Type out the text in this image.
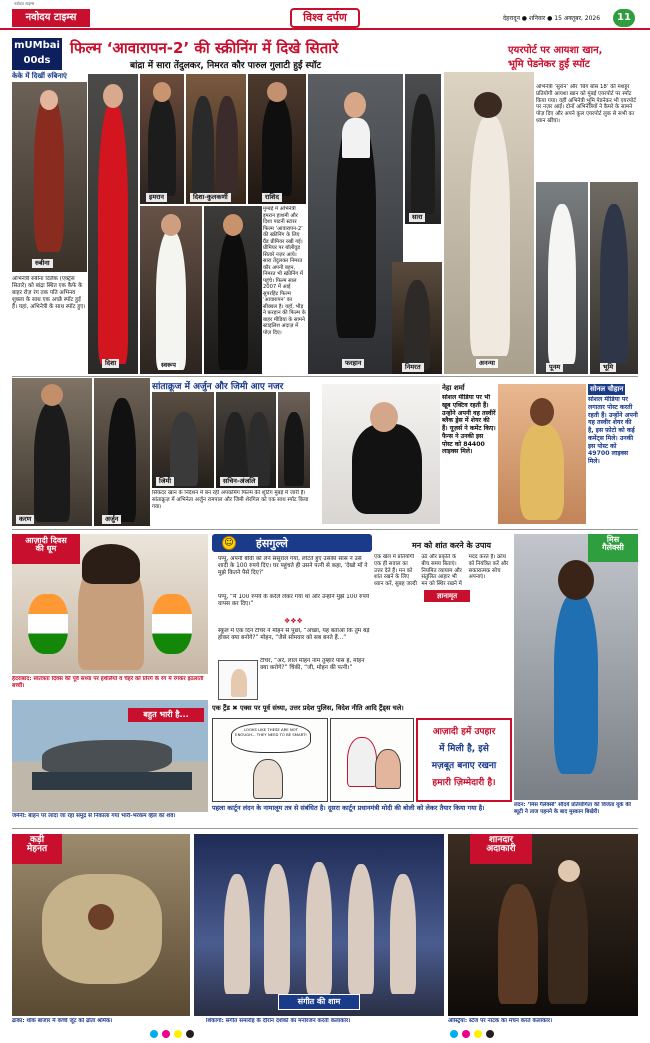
नवोदय टाइम्स
नवोदय टाइम्स	विश्व दर्पण	देहरादून ● शनिवार ● 15 अक्तूबर, 2026	11
mUMbai
00ds
फिल्म ‘आवारापन-2’ की स्क्रीनिंग में दिखे सितारे
बांद्रा में सारा तेंदुलकर, निमरत कौर पारुल गुलाटी हुईं स्पॉट
केके में दिखीं रुबिनाएं
रुबीना
अभिनेत्री रुबीना दिलैक (एक्ट्रेस सितारे) को बांद्रा स्थित एक कैफे के बाहर रोज़ रंग तक पति अभिनव शुक्ला के साथ एक अच्छे स्पॉट हुई हैं। यहां, अभिनेत्री के साथ स्पॉट हुए।
दिशा
इमरान	दिशा-कुलकर्णी	राशिद
फरहान
स्वरूप
मुम्बई में अभिनेत्री इमरान हाशमी और दिशा पाटनी स्टारर फिल्म ‘आवारापन-2’ की स्क्रीनिंग के लिए ग्रैंड प्रीमियर रखी गई। प्रीमियर पर बॉलीवुड सितारे नज़र आये। सारा तेंदुलकर निमरत कौर अपनी बहन, निमरत भी स्क्रीनिंग में पहुंचे। फिल्म साल 2007 में आई सुपरहिट फिल्म ‘आवारापन’ का सीक्वल है। यहाँ, भीड़ ने फ़रहान की फिल्म के बाहर मीडिया के सामने स्टाइलिश अंदाज़ में पोज़ दिए।
सारा
निमरत
एयरपोर्ट पर आयशा खान,
भूमि पेडनेकर हुईं स्पॉट
अनन्या
अभिनेत्री ‘सुरान’ और ‘बिग बॉस 18’ की मशहूर प्रतियोगी आयशा खान को मुंबई एयरपोर्ट पर स्पॉट किया गया। वहीं अभिनेत्री भूमि पेडनेकर भी एयरपोर्ट पर नज़र आईं। दोनों अभिनेत्रियों ने कैमरे के सामने पोज़ दिए और अपने कूल एयरपोर्ट लुक से सभी का ध्यान खींचा।
पूनम	भूमि
सांताक्रूज में अर्जुन और जिमी आए नजर
करण	अर्जुन
जिमी	सचिन-अंजलि
सिकंदर खान के निर्देशन में बन रही अपकमिंग फिल्म की शूटिंग मुंबई में जारी है। सांताक्रूज़ में अभिनेता अर्जुन रामपाल और जिमी शेरगिल को एक साथ स्पॉट किया गया।
नेहा शर्मा
सोशल मीडिया पर भी खूब एक्टिव रहती हैं। उन्होंने अपनी वह तस्वीरें ब्लैक ड्रेस में शेयर की हैं। यूज़र्स ने कमेंट किए। फैन्स ने उनकी इस पोस्ट को 84400 लाइक्स मिले।
सोनल चौहान
सोशल मीडिया पर लगातार पोस्ट करती रहती हैं। उन्होंने अपनी यह तस्वीर शेयर की है, इस फ़ोटो को कई कमेंट्स मिले। उनकी इस पोस्ट को 49700 लाइक्स मिले।
आज़ादी दिवस
की धूम
हैदराबाद: स्वतंत्रता दिवस की पूर्व संध्या पर हथेलियों व चेहरे को तिरंगे के रंग में रंगकर इठलाती बच्ची।
बहुत भारी है...
जर्मनी: बाहन पर लादा जा रहा समुद्र से निकाला गया भारी-भरकम व्हेल का शव।
☺ हंसगुल्ले
पप्पू, अपनी बीवी को लेने ससुराल गया, लौटते हुए उसकी सास ने उसे शादी के 100 रुपये दिए। घर पहुंचते ही उसने पत्नी से कहा, ‘देखो माँ ने मुझे कितने पैसे दिए?’
पप्पू, “मैं 100 रुपये के करेले लेकर गया था और उन्होंने मुझे 100 रुपये वापस कर दिए।”
❖❖❖
स्कूल में एक दिन टीचर ने मोहन से पूछा, “अच्छा, यह बताओ कि तुम बड़े होकर क्या बनोगे?” मोहन, “जैसे सोमवार को सब बनते हैं...”
टीचर, “अरे, लाल मोहन नाम तुम्हारे पास है, मोहन क्या करोगे?” चिंकी, “जी, मोहन की पत्नी।”
मन को शांत करने के उपाय
ज्ञानामृत
एक खेल में प्रतियोगी एक ही सवाल का उत्तर देते हैं। मन को शांत रखने के लिए ध्यान करें, सुबह जल्दी उठें और प्रकृति के बीच समय बिताएं। नियमित व्यायाम और संतुलित आहार भी मन को स्थिर रखने में मदद करते हैं। क्रोध को नियंत्रित करें और सकारात्मक सोच अपनाएं।
मिस
गैलेक्सी
लंदन: ‘मिस गैलेक्सी’ सौंदर्य प्रतियोगिता की विजेता यूके की ब्यूटी ने ताज पहनने के बाद मुस्कान बिखेरी।
एक ट्रैंड ✖ एक्स पर पूर्व संध्या, उत्तर प्रदेश पुलिस, विदेश नीति आदि ट्रैंड्स चले।
LOOKS LIKE THESE ARE NOT ENOUGH... THEY NEED TO BE SMART!	आज़ादी हमें उपहार
में मिली है, इसे
मज़बूत बनाए रखना
हमारी ज़िम्मेदारी है।
पहला कार्टून लंदन के नामालूम तत्र से संबंधित है। दूसरा कार्टून प्रधानमंत्री मोदी की बोली को लेकर तैयार किया गया है।
कड़ी
मेहनत
ढाका: थोक बाजार में कच्चे जूट को ढोता श्रमिक।
संगीत की शाम
शिकागो: संगीत समारोह के दौरान दर्शकों का मनोरंजन करतीं कलाकार।
शानदार
अदाकारी
ऑस्ट्रिया: स्टेज पर नाटक का मंचन करते कलाकार।
